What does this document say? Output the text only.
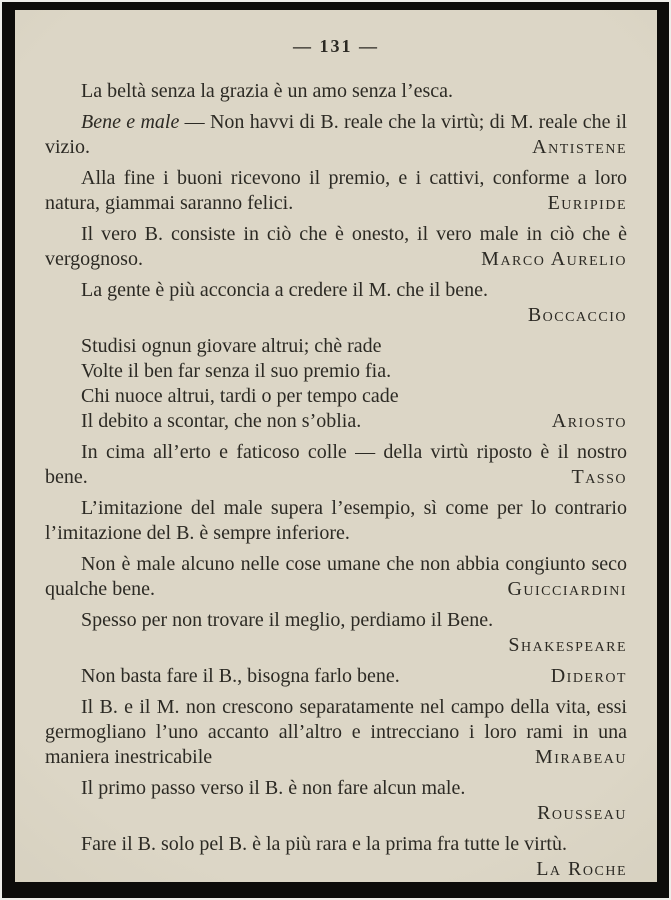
— 131 —

La beltà senza la grazia è un amo senza l’esca.

Bene e male — Non havvi di B. reale che la virtù; di M. reale che il vizio.	Antistene

Alla fine i buoni ricevono il premio, e i cattivi, conforme a loro natura, giammai saranno felici.	Euripide

Il vero B. consiste in ciò che è onesto, il vero male in ciò che è vergognoso.	Marco Aurelio

La gente è più acconcia a credere il M. che il bene.
Boccaccio

Studisi ognun giovare altrui; chè rade
Volte il ben far senza il suo premio fia.
Chi nuoce altrui, tardi o per tempo cade
Il debito a scontar, che non s’oblia.	Ariosto

In cima all’erto e faticoso colle — della virtù riposto è il nostro bene.	Tasso

L’imitazione del male supera l’esempio, sì come per lo contrario l’imitazione del B. è sempre inferiore.

Non è male alcuno nelle cose umane che non abbia congiunto seco qualche bene.	Guicciardini

Spesso per non trovare il meglio, perdiamo il Bene.
Shakespeare

Non basta fare il B., bisogna farlo bene.	Diderot

Il B. e il M. non crescono separatamente nel campo della vita, essi germogliano l’uno accanto all’altro e intrecciano i loro rami in una maniera inestricabile	Mirabeau

Il primo passo verso il B. è non fare alcun male.
Rousseau

Fare il B. solo pel B. è la più rara e la prima fra tutte le virtù.
La Roche
